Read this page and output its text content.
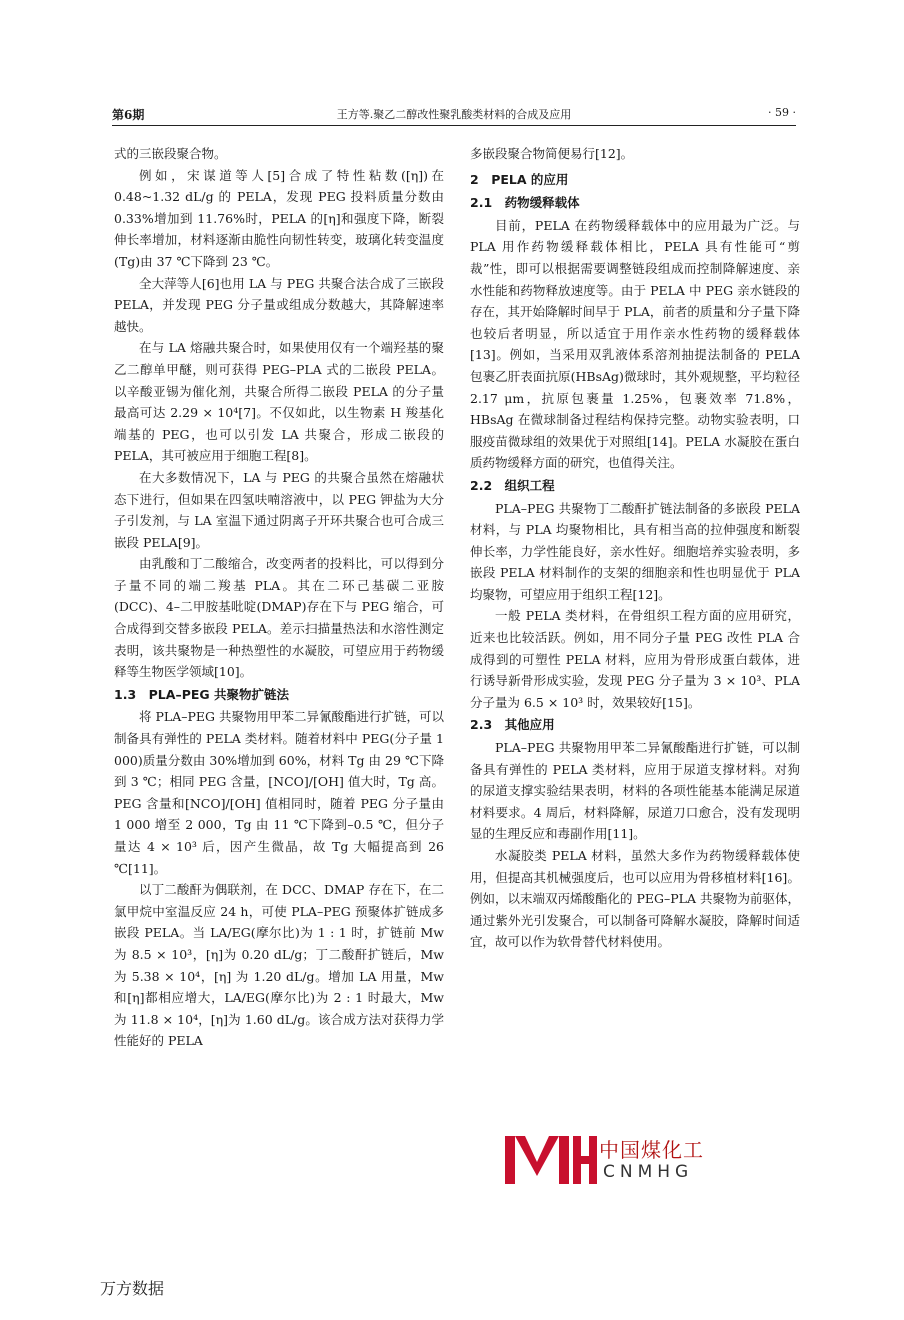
第6期	王方等.聚乙二醇改性聚乳酸类材料的合成及应用	· 59 ·

式的三嵌段聚合物。

例如，宋谋道等人[5]合成了特性粘数([η])在0.48~1.32 dL/g 的 PELA，发现 PEG 投料质量分数由 0.33%增加到 11.76%时，PELA 的[η]和强度下降，断裂伸长率增加，材料逐渐由脆性向韧性转变，玻璃化转变温度(Tg)由 37 ℃下降到 23 ℃。

全大萍等人[6]也用 LA 与 PEG 共聚合法合成了三嵌段 PELA，并发现 PEG 分子量或组成分数越大，其降解速率越快。

在与 LA 熔融共聚合时，如果使用仅有一个端羟基的聚乙二醇单甲醚，则可获得 PEG–PLA 式的二嵌段 PELA。以辛酸亚锡为催化剂，共聚合所得二嵌段 PELA 的分子量最高可达 2.29 × 10⁴[7]。不仅如此，以生物素 H 羧基化端基的 PEG，也可以引发 LA 共聚合，形成二嵌段的 PELA，其可被应用于细胞工程[8]。

在大多数情况下，LA 与 PEG 的共聚合虽然在熔融状态下进行，但如果在四氢呋喃溶液中，以 PEG 钾盐为大分子引发剂，与 LA 室温下通过阴离子开环共聚合也可合成三嵌段 PELA[9]。

由乳酸和丁二酸缩合，改变两者的投料比，可以得到分子量不同的端二羧基 PLA。其在二环己基碳二亚胺(DCC)、4–二甲胺基吡啶(DMAP)存在下与 PEG 缩合，可合成得到交替多嵌段 PELA。差示扫描量热法和水溶性测定表明，该共聚物是一种热塑性的水凝胶，可望应用于药物缓释等生物医学领域[10]。

1.3　PLA–PEG 共聚物扩链法

将 PLA–PEG 共聚物用甲苯二异氰酸酯进行扩链，可以制备具有弹性的 PELA 类材料。随着材料中 PEG(分子量 1 000)质量分数由 30%增加到 60%，材料 Tg 由 29 ℃下降到 3 ℃；相同 PEG 含量，[NCO]/[OH] 值大时，Tg 高。PEG 含量和[NCO]/[OH] 值相同时，随着 PEG 分子量由 1 000 增至 2 000，Tg 由 11 ℃下降到–0.5 ℃，但分子量达 4 × 10³ 后，因产生微晶，故 Tg 大幅提高到 26 ℃[11]。

以丁二酸酐为偶联剂，在 DCC、DMAP 存在下，在二氯甲烷中室温反应 24 h，可使 PLA–PEG 预聚体扩链成多嵌段 PELA。当 LA/EG(摩尔比)为 1 : 1 时，扩链前 Mw 为 8.5 × 10³，[η]为 0.20 dL/g；丁二酸酐扩链后，Mw 为 5.38 × 10⁴，[η] 为 1.20 dL/g。增加 LA 用量，Mw 和[η]都相应增大，LA/EG(摩尔比)为 2 : 1 时最大，Mw 为 11.8 × 10⁴，[η]为 1.60 dL/g。该合成方法对获得力学性能好的 PELA

多嵌段聚合物简便易行[12]。

2　PELA 的应用
2.1　药物缓释载体

目前，PELA 在药物缓释载体中的应用最为广泛。与 PLA 用作药物缓释载体相比，PELA 具有性能可“剪裁”性，即可以根据需要调整链段组成而控制降解速度、亲水性能和药物释放速度等。由于 PELA 中 PEG 亲水链段的存在，其开始降解时间早于 PLA，前者的质量和分子量下降也较后者明显，所以适宜于用作亲水性药物的缓释载体[13]。例如，当采用双乳液体系溶剂抽提法制备的 PELA 包裹乙肝表面抗原(HBsAg)微球时，其外观规整，平均粒径 2.17 μm，抗原包裹量 1.25%，包裹效率 71.8%，HBsAg 在微球制备过程结构保持完整。动物实验表明，口服疫苗微球组的效果优于对照组[14]。PELA 水凝胶在蛋白质药物缓释方面的研究，也值得关注。

2.2　组织工程

PLA–PEG 共聚物丁二酸酐扩链法制备的多嵌段 PELA 材料，与 PLA 均聚物相比，具有相当高的拉伸强度和断裂伸长率，力学性能良好，亲水性好。细胞培养实验表明，多嵌段 PELA 材料制作的支架的细胞亲和性也明显优于 PLA 均聚物，可望应用于组织工程[12]。

一般 PELA 类材料，在骨组织工程方面的应用研究，近来也比较活跃。例如，用不同分子量 PEG 改性 PLA 合成得到的可塑性 PELA 材料，应用为骨形成蛋白载体，进行诱导新骨形成实验，发现 PEG 分子量为 3 × 10³、PLA 分子量为 6.5 × 10³ 时，效果较好[15]。

2.3　其他应用

PLA–PEG 共聚物用甲苯二异氰酸酯进行扩链，可以制备具有弹性的 PELA 类材料，应用于尿道支撑材料。对狗的尿道支撑实验结果表明，材料的各项性能基本能满足尿道材料要求。4 周后，材料降解，尿道刀口愈合，没有发现明显的生理反应和毒副作用[11]。

水凝胶类 PELA 材料，虽然大多作为药物缓释载体使用，但提高其机械强度后，也可以应用为骨移植材料[16]。例如，以末端双丙烯酸酯化的 PEG–PLA 共聚物为前驱体，通过紫外光引发聚合，可以制备可降解水凝胶，降解时间适宜，故可以作为软骨替代材料使用。

中国煤化工
CNMHG
万方数据
